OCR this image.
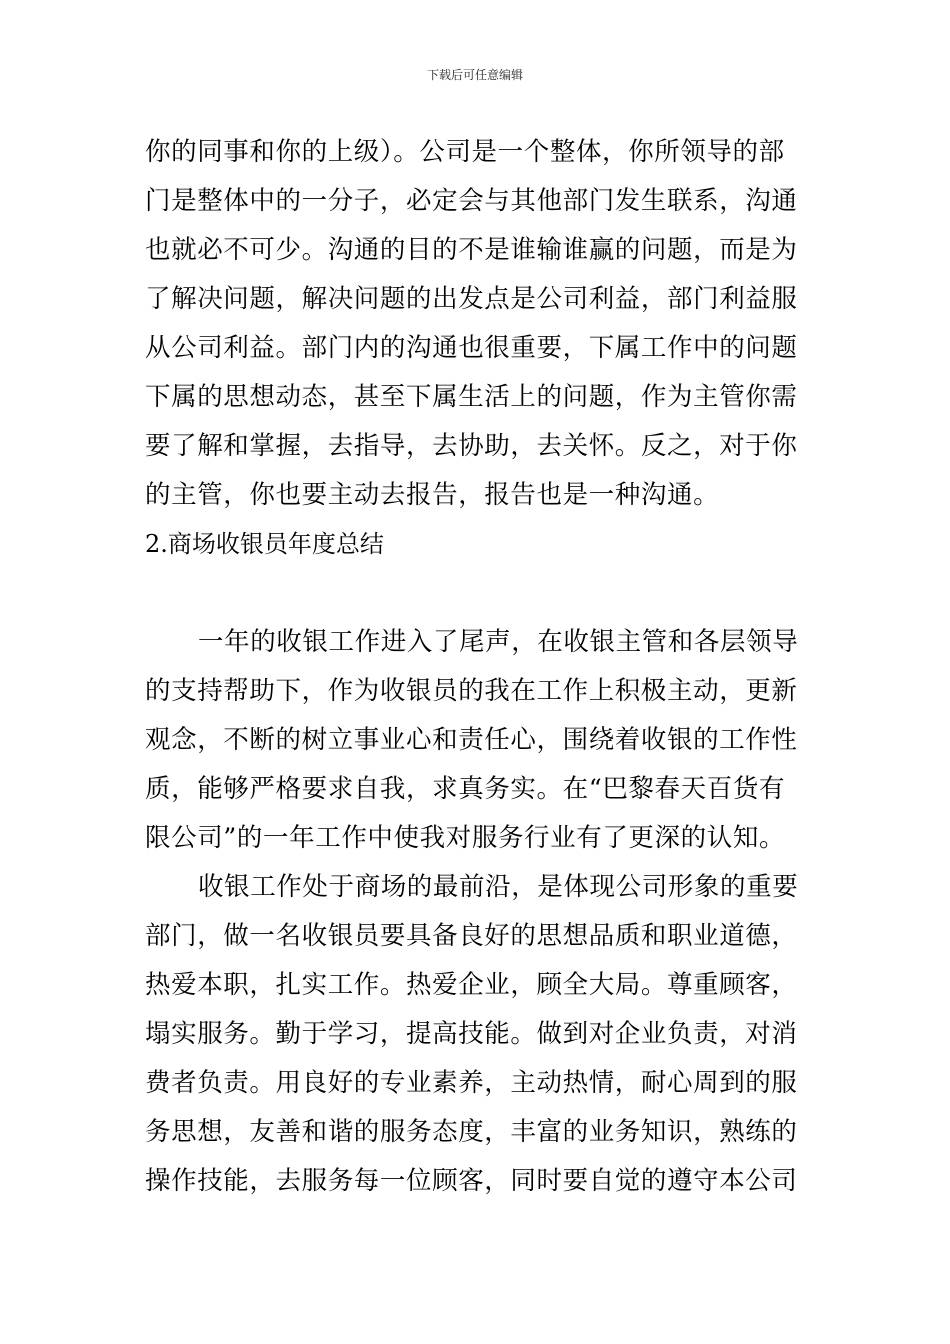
下载后可任意编辑
你的同事和你的上级）。公司是一个整体，你所领导的部
门是整体中的一分子，必定会与其他部门发生联系，沟通
也就必不可少。沟通的目的不是谁输谁赢的问题，而是为
了解决问题，解决问题的出发点是公司利益，部门利益服
从公司利益。部门内的沟通也很重要，下属工作中的问题
下属的思想动态，甚至下属生活上的问题，作为主管你需
要了解和掌握，去指导，去协助，去关怀。反之，对于你
的主管，你也要主动去报告，报告也是一种沟通。
2.商场收银员年度总结
一年的收银工作进入了尾声，在收银主管和各层领导
的支持帮助下，作为收银员的我在工作上积极主动，更新
观念，不断的树立事业心和责任心，围绕着收银的工作性
质，能够严格要求自我，求真务实。在“巴黎春天百货有
限公司”的一年工作中使我对服务行业有了更深的认知。
收银工作处于商场的最前沿，是体现公司形象的重要
部门，做一名收银员要具备良好的思想品质和职业道德，
热爱本职，扎实工作。热爱企业，顾全大局。尊重顾客，
塌实服务。勤于学习，提高技能。做到对企业负责，对消
费者负责。用良好的专业素养，主动热情，耐心周到的服
务思想，友善和谐的服务态度，丰富的业务知识，熟练的
操作技能，去服务每一位顾客，同时要自觉的遵守本公司
